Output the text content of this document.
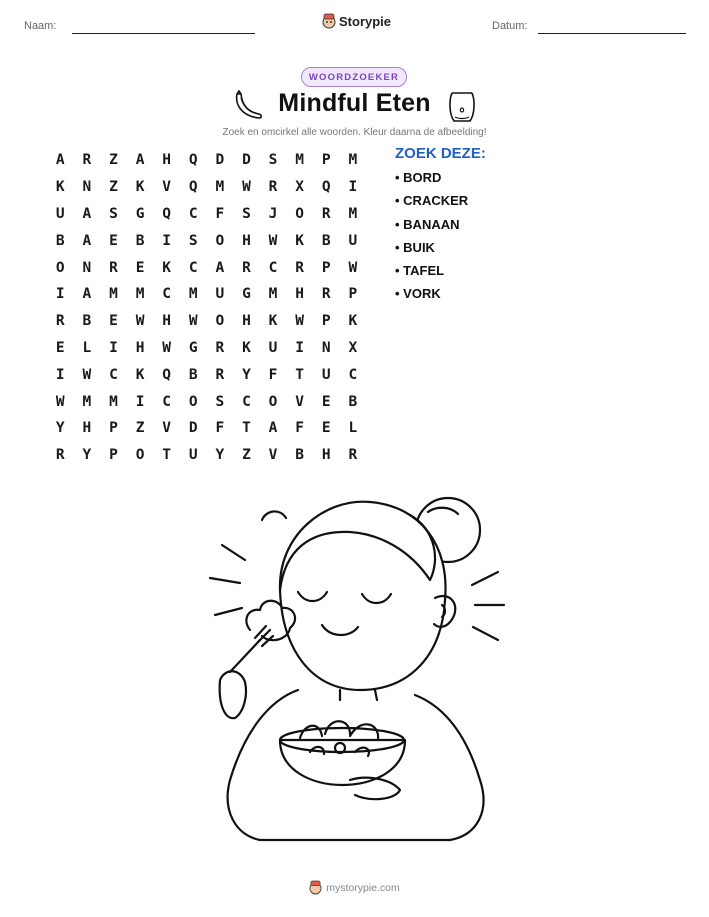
Naam:	Storypie	Datum:
WOORDZOEKER
Mindful Eten
Zoek en omcirkel alle woorden. Kleur daarna de afbeelding!
A	R	Z	A	H	Q	D	D	S	M	P	M
K	N	Z	K	V	Q	M	W	R	X	Q	I
U	A	S	G	Q	C	F	S	J	O	R	M
B	A	E	B	I	S	O	H	W	K	B	U
O	N	R	E	K	C	A	R	C	R	P	W
I	A	M	M	C	M	U	G	M	H	R	P
R	B	E	W	H	W	O	H	K	W	P	K
E	L	I	H	W	G	R	K	U	I	N	X
I	W	C	K	Q	B	R	Y	F	T	U	C
W	M	M	I	C	O	S	C	O	V	E	B
Y	H	P	Z	V	D	F	T	A	F	E	L
R	Y	P	O	T	U	Y	Z	V	B	H	R
ZOEK DEZE:
• BORD
• CRACKER
• BANAAN
• BUIK
• TAFEL
• VORK
mystorypie.com
